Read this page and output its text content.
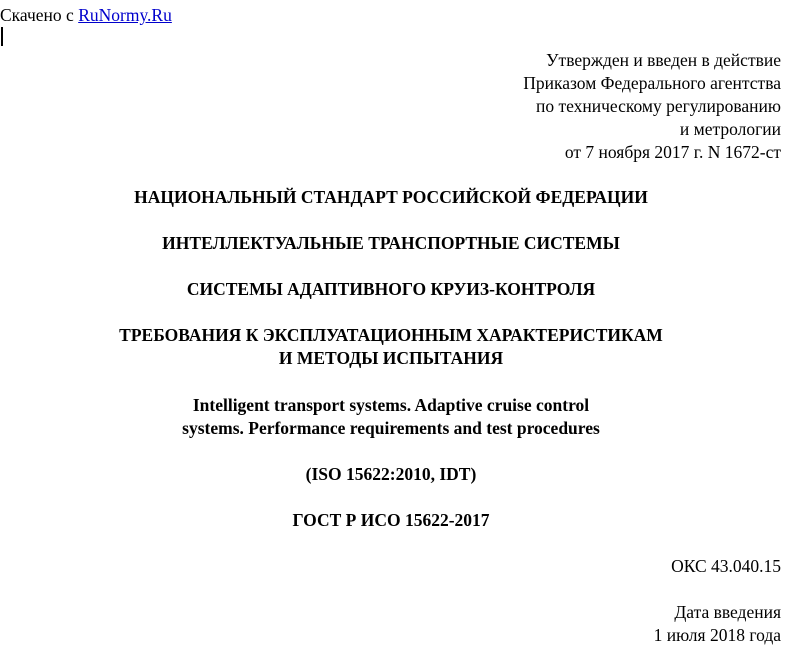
Скачено с RuNormy.Ru
Утвержден и введен в действие
Приказом Федерального агентства
по техническому регулированию
и метрологии
от 7 ноября 2017 г. N 1672-ст
НАЦИОНАЛЬНЫЙ СТАНДАРТ РОССИЙСКОЙ ФЕДЕРАЦИИ
ИНТЕЛЛЕКТУАЛЬНЫЕ ТРАНСПОРТНЫЕ СИСТЕМЫ
СИСТЕМЫ АДАПТИВНОГО КРУИЗ-КОНТРОЛЯ
ТРЕБОВАНИЯ К ЭКСПЛУАТАЦИОННЫМ ХАРАКТЕРИСТИКАМ
И МЕТОДЫ ИСПЫТАНИЯ
Intelligent transport systems. Adaptive cruise control
systems. Performance requirements and test procedures
(ISO 15622:2010, IDT)
ГОСТ Р ИСО 15622-2017
ОКС 43.040.15
Дата введения
1 июля 2018 года
